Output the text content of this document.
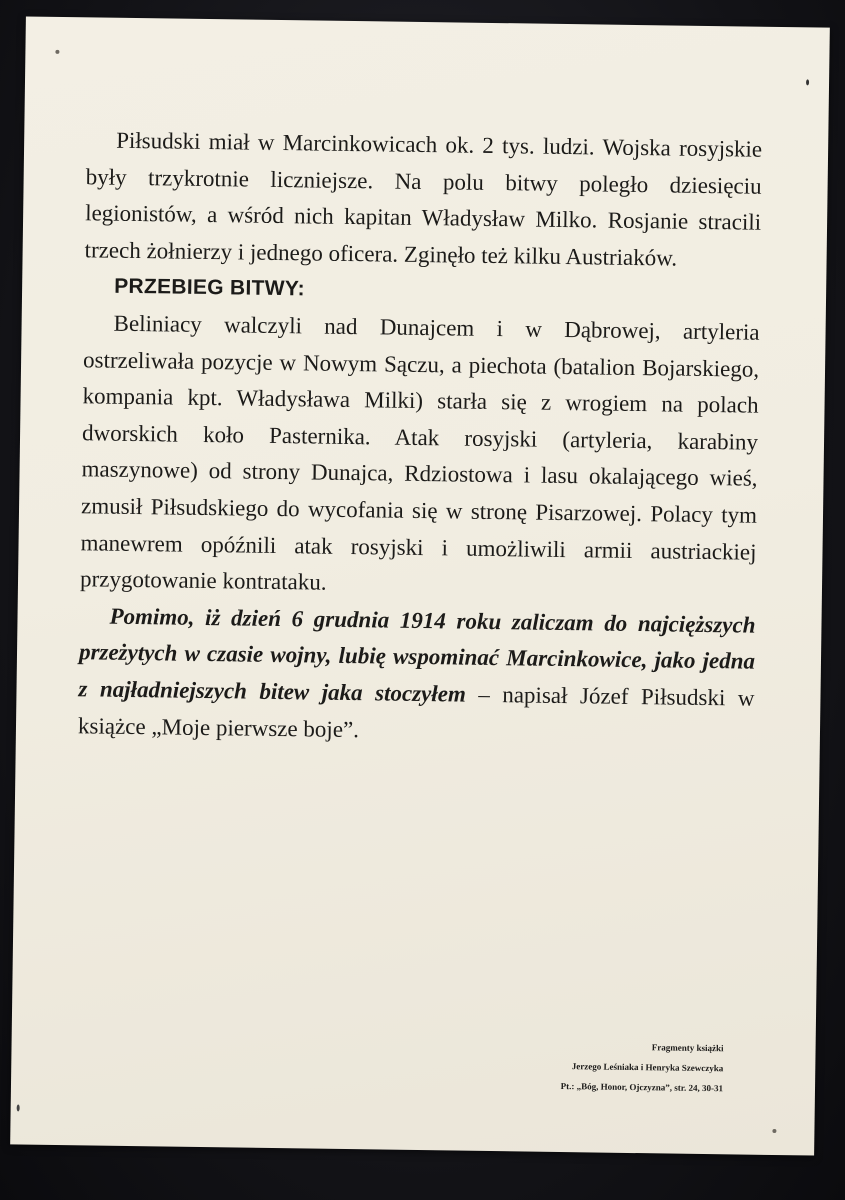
Piłsudski miał w Marcinkowicach ok. 2 tys. ludzi. Wojska rosyjskie były trzykrotnie liczniejsze. Na polu bitwy poległo dziesięciu legionistów, a wśród nich kapitan Władysław Milko. Rosjanie stracili trzech żołnierzy i jednego oficera. Zginęło też kilku Austriaków.

PRZEBIEG BITWY:

Beliniacy walczyli nad Dunajcem i w Dąbrowej, artyleria ostrzeliwała pozycje w Nowym Sączu, a piechota (batalion Bojarskiego, kompania kpt. Władysława Milki) starła się z wrogiem na polach dworskich koło Pasternika. Atak rosyjski (artyleria, karabiny maszynowe) od strony Dunajca, Rdziostowa i lasu okalającego wieś, zmusił Piłsudskiego do wycofania się w stronę Pisarzowej. Polacy tym manewrem opóźnili atak rosyjski i umożliwili armii austriackiej przygotowanie kontrataku.

Pomimo, iż dzień 6 grudnia 1914 roku zaliczam do najcięższych przeżytych w czasie wojny, lubię wspominać Marcinkowice, jako jedna z najładniejszych bitew jaka stoczyłem – napisał Józef Piłsudski w książce „Moje pierwsze boje”.

Fragmenty książki
Jerzego Leśniaka i Henryka Szewczyka
Pt.: „Bóg, Honor, Ojczyzna”, str. 24, 30-31
